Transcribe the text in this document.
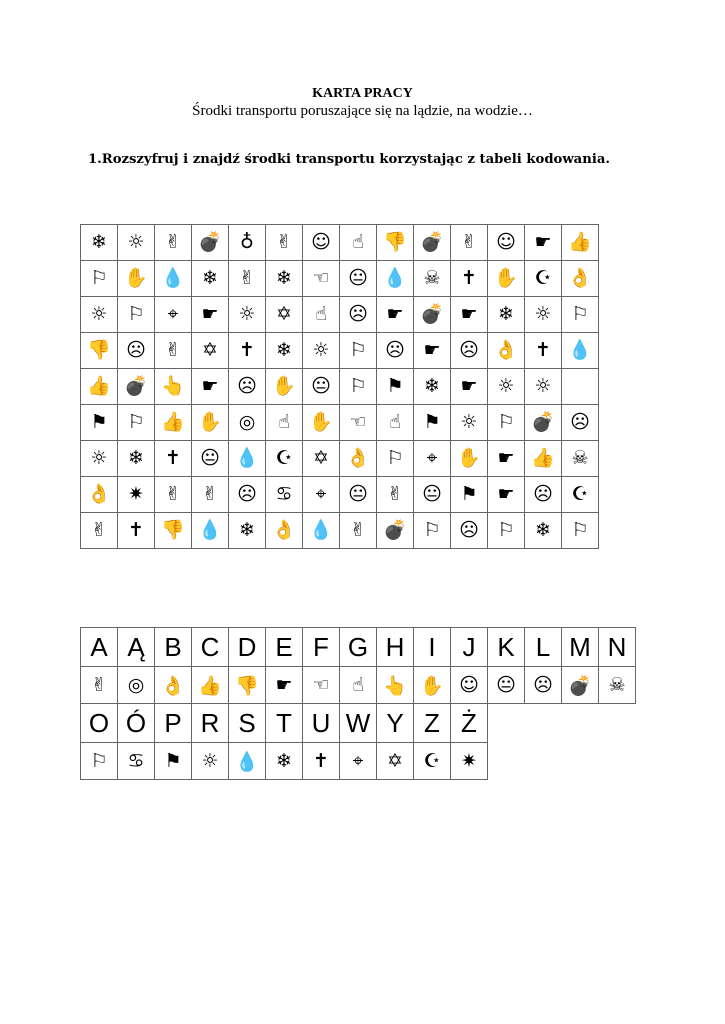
KARTA PRACY
Środki transportu poruszające się na lądzie, na wodzie…
1.Rozszyfruj i znajdź środki transportu korzystając z tabeli kodowania.
❄	☼	✌	💣	♁	✌	☺	☝	👎	💣	✌	☺	☛	👍
⚐	✋	💧	❄	✌	❄	☜	😐	💧	☠	✝	✋	☪	👌
☼	⚐	⌖	☛	☼	✡	☝	☹	☛	💣	☛	❄	☼	⚐
👎	☹	✌	✡	✝	❄	☼	⚐	☹	☛	☹	👌	✝	💧
👍	💣	👆	☛	☹	✋	😐	⚐	⚑	❄	☛	☼	☼	
⚑	⚐	👍	✋	◎	☝	✋	☜	☝	⚑	☼	⚐	💣	☹
☼	❄	✝	😐	💧	☪	✡	👌	⚐	⌖	✋	☛	👍	☠
👌	✷	✌	✌	☹	♋	⌖	😐	✌	😐	⚑	☛	☹	☪
✌	✝	👎	💧	❄	👌	💧	✌	💣	⚐	☹	⚐	❄	⚐
A	Ą	B	C	D	E	F	G	H	I	J	K	L	M	N
✌	◎	👌	👍	👎	☛	☜	☝	👆	✋	☺	😐	☹	💣	☠
O	Ó	P	R	S	T	U	W	Y	Z	Ż				
⚐	♋	⚑	☼	💧	❄	✝	⌖	✡	☪	✷				
